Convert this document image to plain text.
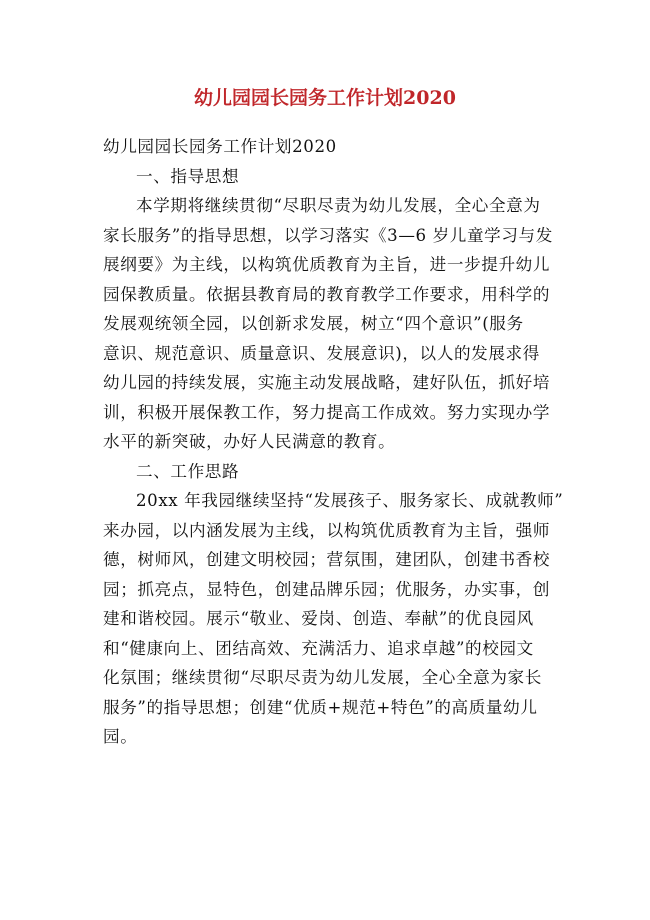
幼儿园园长园务工作计划2020
幼儿园园长园务工作计划2020
一、指导思想
本学期将继续贯彻“尽职尽责为幼儿发展，全心全意为
家长服务”的指导思想，以学习落实《3—6 岁儿童学习与发
展纲要》为主线，以构筑优质教育为主旨，进一步提升幼儿
园保教质量。依据县教育局的教育教学工作要求，用科学的
发展观统领全园，以创新求发展，树立“四个意识”(服务
意识、规范意识、质量意识、发展意识)，以人的发展求得
幼儿园的持续发展，实施主动发展战略，建好队伍，抓好培
训，积极开展保教工作，努力提高工作成效。努力实现办学
水平的新突破，办好人民满意的教育。
二、工作思路
20xx 年我园继续坚持“发展孩子、服务家长、成就教师”
来办园，以内涵发展为主线，以构筑优质教育为主旨，强师
德，树师风，创建文明校园；营氛围，建团队，创建书香校
园；抓亮点，显特色，创建品牌乐园；优服务，办实事，创
建和谐校园。展示“敬业、爱岗、创造、奉献”的优良园风
和“健康向上、团结高效、充满活力、追求卓越”的校园文
化氛围；继续贯彻“尽职尽责为幼儿发展，全心全意为家长
服务”的指导思想；创建“优质+规范+特色”的高质量幼儿
园。
